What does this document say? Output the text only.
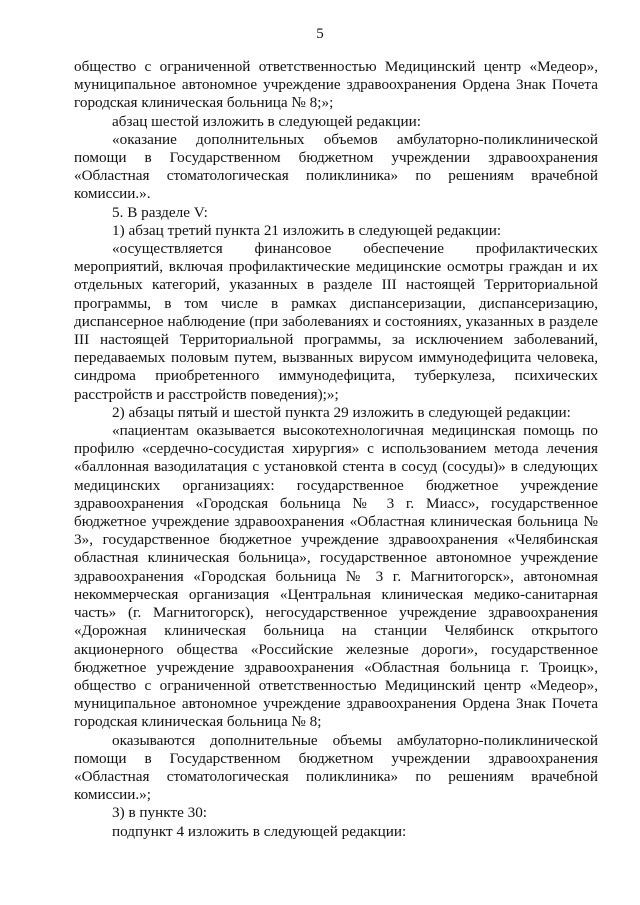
5

общество с ограниченной ответственностью Медицинский центр «Медеор», муниципальное автономное учреждение здравоохранения Ордена Знак Почета городская клиническая больница № 8;»;

абзац шестой изложить в следующей редакции:

«оказание дополнительных объемов амбулаторно-поликлинической помощи в Государственном бюджетном учреждении здравоохранения «Областная стоматологическая поликлиника» по решениям врачебной комиссии.».

5. В разделе V:

1) абзац третий пункта 21 изложить в следующей редакции:

«осуществляется финансовое обеспечение профилактических мероприятий, включая профилактические медицинские осмотры граждан и их отдельных категорий, указанных в разделе III настоящей Территориальной программы, в том числе в рамках диспансеризации, диспансеризацию, диспансерное наблюдение (при заболеваниях и состояниях, указанных в разделе III настоящей Территориальной программы, за исключением заболеваний, передаваемых половым путем, вызванных вирусом иммунодефицита человека, синдрома приобретенного иммунодефицита, туберкулеза, психических расстройств и расстройств поведения);»;

2) абзацы пятый и шестой пункта 29 изложить в следующей редакции:

«пациентам оказывается высокотехнологичная медицинская помощь по профилю «сердечно-сосудистая хирургия» с использованием метода лечения «баллонная вазодилатация с установкой стента в сосуд (сосуды)» в следующих медицинских организациях: государственное бюджетное учреждение здравоохранения «Городская больница № 3 г. Миасс», государственное бюджетное учреждение здравоохранения «Областная клиническая больница № 3», государственное бюджетное учреждение здравоохранения «Челябинская областная клиническая больница», государственное автономное учреждение здравоохранения «Городская больница № 3 г. Магнитогорск», автономная некоммерческая организация «Центральная клиническая медико-санитарная часть» (г. Магнитогорск), негосударственное учреждение здравоохранения «Дорожная клиническая больница на станции Челябинск открытого акционерного общества «Российские железные дороги», государственное бюджетное учреждение здравоохранения «Областная больница г. Троицк», общество с ограниченной ответственностью Медицинский центр «Медеор», муниципальное автономное учреждение здравоохранения Ордена Знак Почета городская клиническая больница № 8;

оказываются дополнительные объемы амбулаторно-поликлинической помощи в Государственном бюджетном учреждении здравоохранения «Областная стоматологическая поликлиника» по решениям врачебной комиссии.»;

3) в пункте 30:

подпункт 4 изложить в следующей редакции:
